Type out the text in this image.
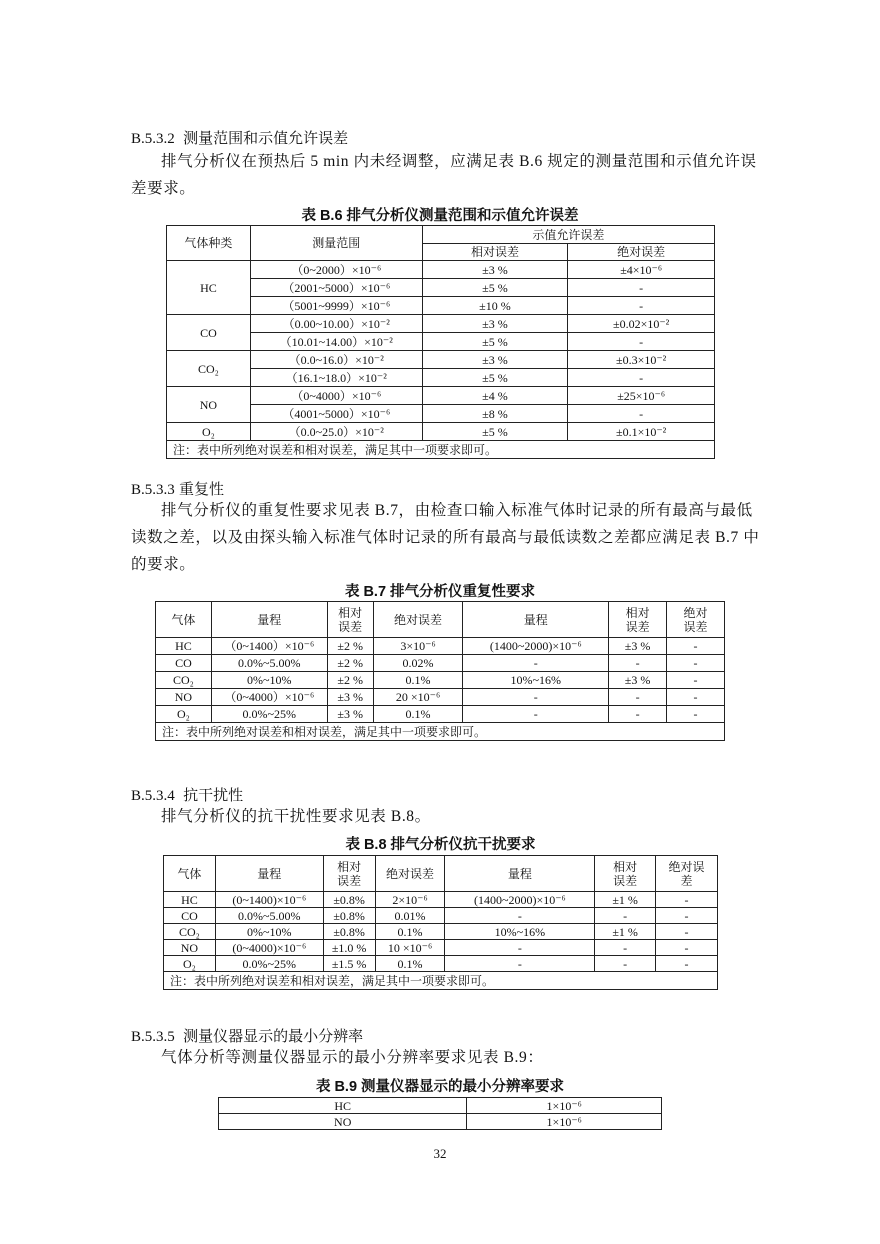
B.5.3.2 测量范围和示值允许误差
排气分析仪在预热后 5 min 内未经调整，应满足表 B.6 规定的测量范围和示值允许误
差要求。
表 B.6 排气分析仪测量范围和示值允许误差
气体种类	测量范围	示值允许误差	
		相对误差	绝对误差
HC	（0~2000）×10⁻⁶	±3 %	±4×10⁻⁶
	（2001~5000）×10⁻⁶	±5 %	-
	（5001~9999）×10⁻⁶	±10 %	-
CO	（0.00~10.00）×10⁻²	±3 %	±0.02×10⁻²
	（10.01~14.00）×10⁻²	±5 %	-
CO₂	（0.0~16.0）×10⁻²	±3 %	±0.3×10⁻²
	（16.1~18.0）×10⁻²	±5 %	-
NO	（0~4000）×10⁻⁶	±4 %	±25×10⁻⁶
	（4001~5000）×10⁻⁶	±8 %	-
O₂	（0.0~25.0）×10⁻²	±5 %	±0.1×10⁻²
注：表中所列绝对误差和相对误差，满足其中一项要求即可。			
B.5.3.3 重复性
排气分析仪的重复性要求见表 B.7，由检查口输入标准气体时记录的所有最高与最低
读数之差，以及由探头输入标准气体时记录的所有最高与最低读数之差都应满足表 B.7 中
的要求。
表 B.7 排气分析仪重复性要求
气体	量程	相对误差	绝对误差	量程	相对误差	绝对误差
HC	（0~1400）×10⁻⁶	±2 %	3×10⁻⁶	(1400~2000)×10⁻⁶	±3 %	-
CO	0.0%~5.00%	±2 %	0.02%	-	-	-
CO₂	0%~10%	±2 %	0.1%	10%~16%	±3 %	-
NO	（0~4000）×10⁻⁶	±3 %	20 ×10⁻⁶	-	-	-
O₂	0.0%~25%	±3 %	0.1%	-	-	-
注：表中所列绝对误差和相对误差，满足其中一项要求即可。						
B.5.3.4 抗干扰性
排气分析仪的抗干扰性要求见表 B.8。
表 B.8 排气分析仪抗干扰要求
气体	量程	相对误差	绝对误差	量程	相对误差	绝对误差
HC	(0~1400)×10⁻⁶	±0.8%	2×10⁻⁶	(1400~2000)×10⁻⁶	±1 %	-
CO	0.0%~5.00%	±0.8%	0.01%	-	-	-
CO₂	0%~10%	±0.8%	0.1%	10%~16%	±1 %	-
NO	(0~4000)×10⁻⁶	±1.0 %	10 ×10⁻⁶	-	-	-
O₂	0.0%~25%	±1.5 %	0.1%	-	-	-
注：表中所列绝对误差和相对误差，满足其中一项要求即可。						
B.5.3.5 测量仪器显示的最小分辨率
气体分析等测量仪器显示的最小分辨率要求见表 B.9：
表 B.9 测量仪器显示的最小分辨率要求
HC	1×10⁻⁶
NO	1×10⁻⁶
32
